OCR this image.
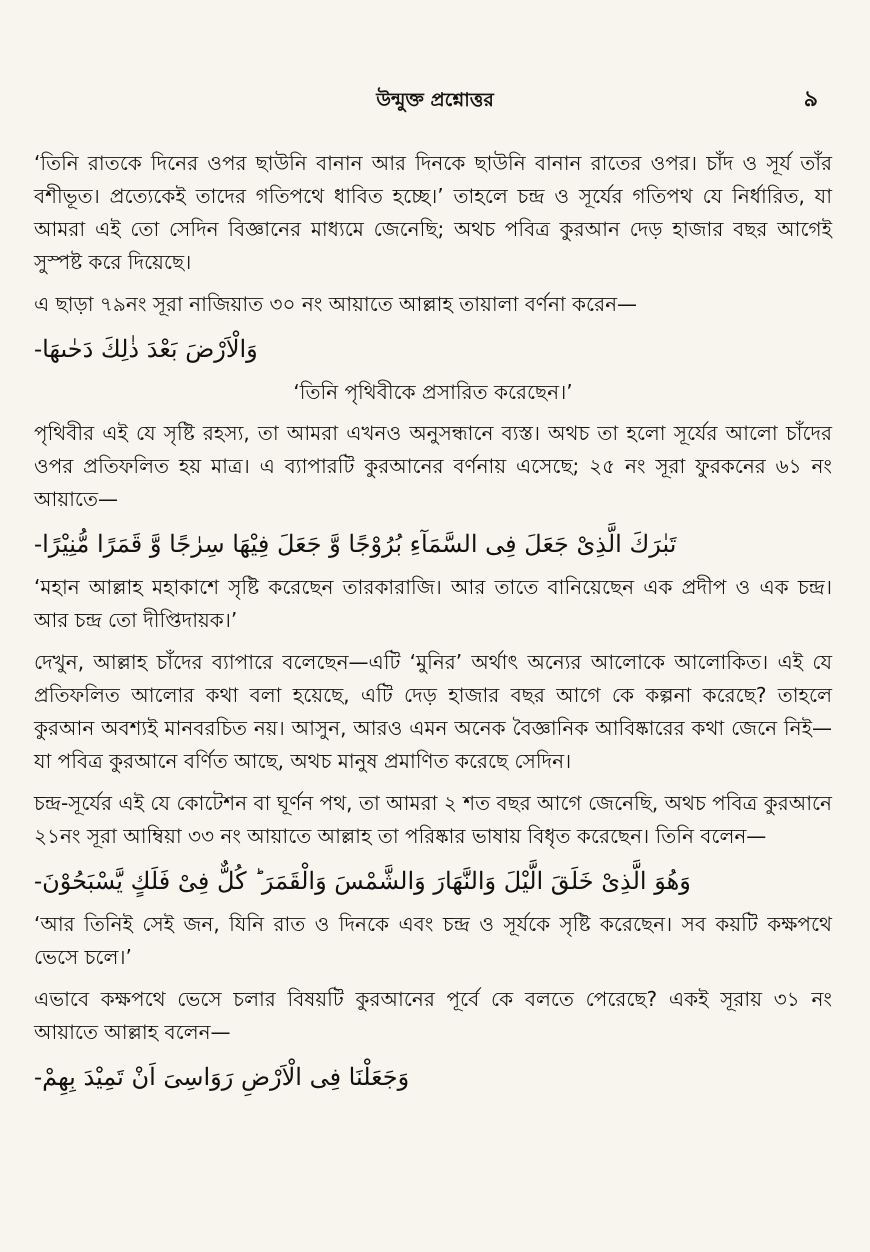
উন্মুক্ত প্রশ্নোত্তর	৯

‘তিনি রাতকে দিনের ওপর ছাউনি বানান আর দিনকে ছাউনি বানান রাতের ওপর। চাঁদ ও সূর্য তাঁর বশীভূত। প্রত্যেকেই তাদের গতিপথে ধাবিত হচ্ছে।’ তাহলে চন্দ্র ও সূর্যের গতিপথ যে নির্ধারিত, যা আমরা এই তো সেদিন বিজ্ঞানের মাধ্যমে জেনেছি; অথচ পবিত্র কুরআন দেড় হাজার বছর আগেই সুস্পষ্ট করে দিয়েছে।

এ ছাড়া ৭৯নং সূরা নাজিয়াত ৩০ নং আয়াতে আল্লাহ তায়ালা বর্ণনা করেন—

وَالْاَرْضَ بَعْدَ ذٰلِكَ دَحٰىهَا-

‘তিনি পৃথিবীকে প্রসারিত করেছেন।’

পৃথিবীর এই যে সৃষ্টি রহস্য, তা আমরা এখনও অনুসন্ধানে ব্যস্ত। অথচ তা হলো সূর্যের আলো চাঁদের ওপর প্রতিফলিত হয় মাত্র। এ ব্যাপারটি কুরআনের বর্ণনায় এসেছে; ২৫ নং সূরা ফুরকনের ৬১ নং আয়াতে—

تَبٰرَكَ الَّذِىْ جَعَلَ فِى السَّمَآءِ بُرُوْجًا وَّ جَعَلَ فِيْهَا سِرٰجًا وَّ قَمَرًا مُّنِيْرًا-

‘মহান আল্লাহ মহাকাশে সৃষ্টি করেছেন তারকারাজি। আর তাতে বানিয়েছেন এক প্রদীপ ও এক চন্দ্র। আর চন্দ্র তো দীপ্তিদায়ক।’

দেখুন, আল্লাহ চাঁদের ব্যাপারে বলেছেন—এটি ‘মুনির’ অর্থাৎ অন্যের আলোকে আলোকিত। এই যে প্রতিফলিত আলোর কথা বলা হয়েছে, এটি দেড় হাজার বছর আগে কে কল্পনা করেছে? তাহলে কুরআন অবশ্যই মানবরচিত নয়। আসুন, আরও এমন অনেক বৈজ্ঞানিক আবিষ্কারের কথা জেনে নিই—যা পবিত্র কুরআনে বর্ণিত আছে, অথচ মানুষ প্রমাণিত করেছে সেদিন।

চন্দ্র-সূর্যের এই যে কোটেশন বা ঘূর্ণন পথ, তা আমরা ২ শত বছর আগে জেনেছি, অথচ পবিত্র কুরআনে ২১নং সূরা আম্বিয়া ৩৩ নং আয়াতে আল্লাহ তা পরিষ্কার ভাষায় বিধৃত করেছেন। তিনি বলেন—

وَهُوَ الَّذِىْ خَلَقَ الَّيْلَ وَالنَّهَارَ وَالشَّمْسَ وَالْقَمَرَ ؕ كُلٌّ فِىْ فَلَكٍ يَّسْبَحُوْنَ-

‘আর তিনিই সেই জন, যিনি রাত ও দিনকে এবং চন্দ্র ও সূর্যকে সৃষ্টি করেছেন। সব কয়টি কক্ষপথে ভেসে চলে।’

এভাবে কক্ষপথে ভেসে চলার বিষয়টি কুরআনের পূর্বে কে বলতে পেরেছে? একই সূরায় ৩১ নং আয়াতে আল্লাহ বলেন—

وَجَعَلْنَا فِى الْاَرْضِ رَوَاسِىَ اَنْ تَمِيْدَ بِهِمْ-
